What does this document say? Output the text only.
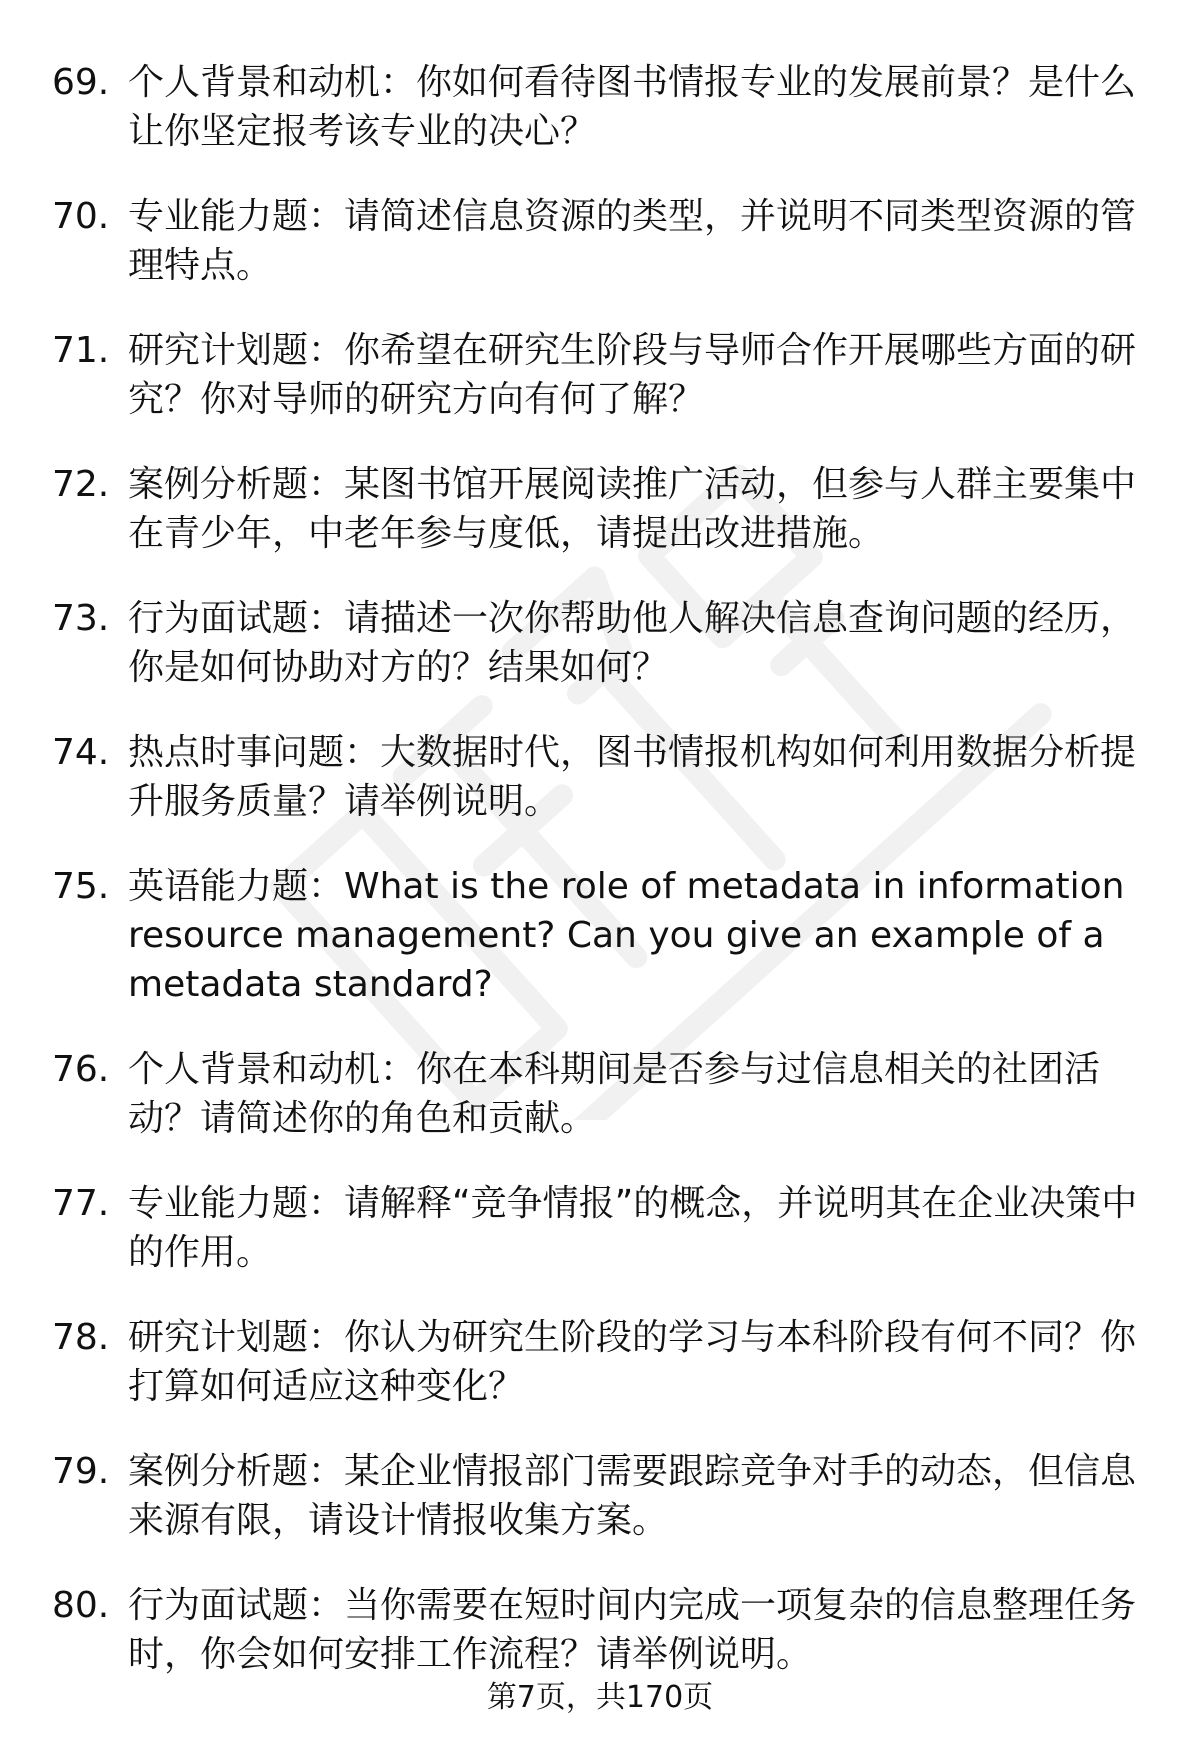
69. 个人背景和动机：你如何看待图书情报专业的发展前景？是什么让你坚定报考该专业的决心？
70. 专业能力题：请简述信息资源的类型，并说明不同类型资源的管理特点。
71. 研究计划题：你希望在研究生阶段与导师合作开展哪些方面的研究？你对导师的研究方向有何了解？
72. 案例分析题：某图书馆开展阅读推广活动，但参与人群主要集中在青少年，中老年参与度低，请提出改进措施。
73. 行为面试题：请描述一次你帮助他人解决信息查询问题的经历，你是如何协助对方的？结果如何？
74. 热点时事问题：大数据时代，图书情报机构如何利用数据分析提升服务质量？请举例说明。
75. 英语能力题：What is the role of metadata in information resource management? Can you give an example of a metadata standard?
76. 个人背景和动机：你在本科期间是否参与过信息相关的社团活动？请简述你的角色和贡献。
77. 专业能力题：请解释“竞争情报”的概念，并说明其在企业决策中的作用。
78. 研究计划题：你认为研究生阶段的学习与本科阶段有何不同？你打算如何适应这种变化？
79. 案例分析题：某企业情报部门需要跟踪竞争对手的动态，但信息来源有限，请设计情报收集方案。
80. 行为面试题：当你需要在短时间内完成一项复杂的信息整理任务时，你会如何安排工作流程？请举例说明。
第7页，共170页
